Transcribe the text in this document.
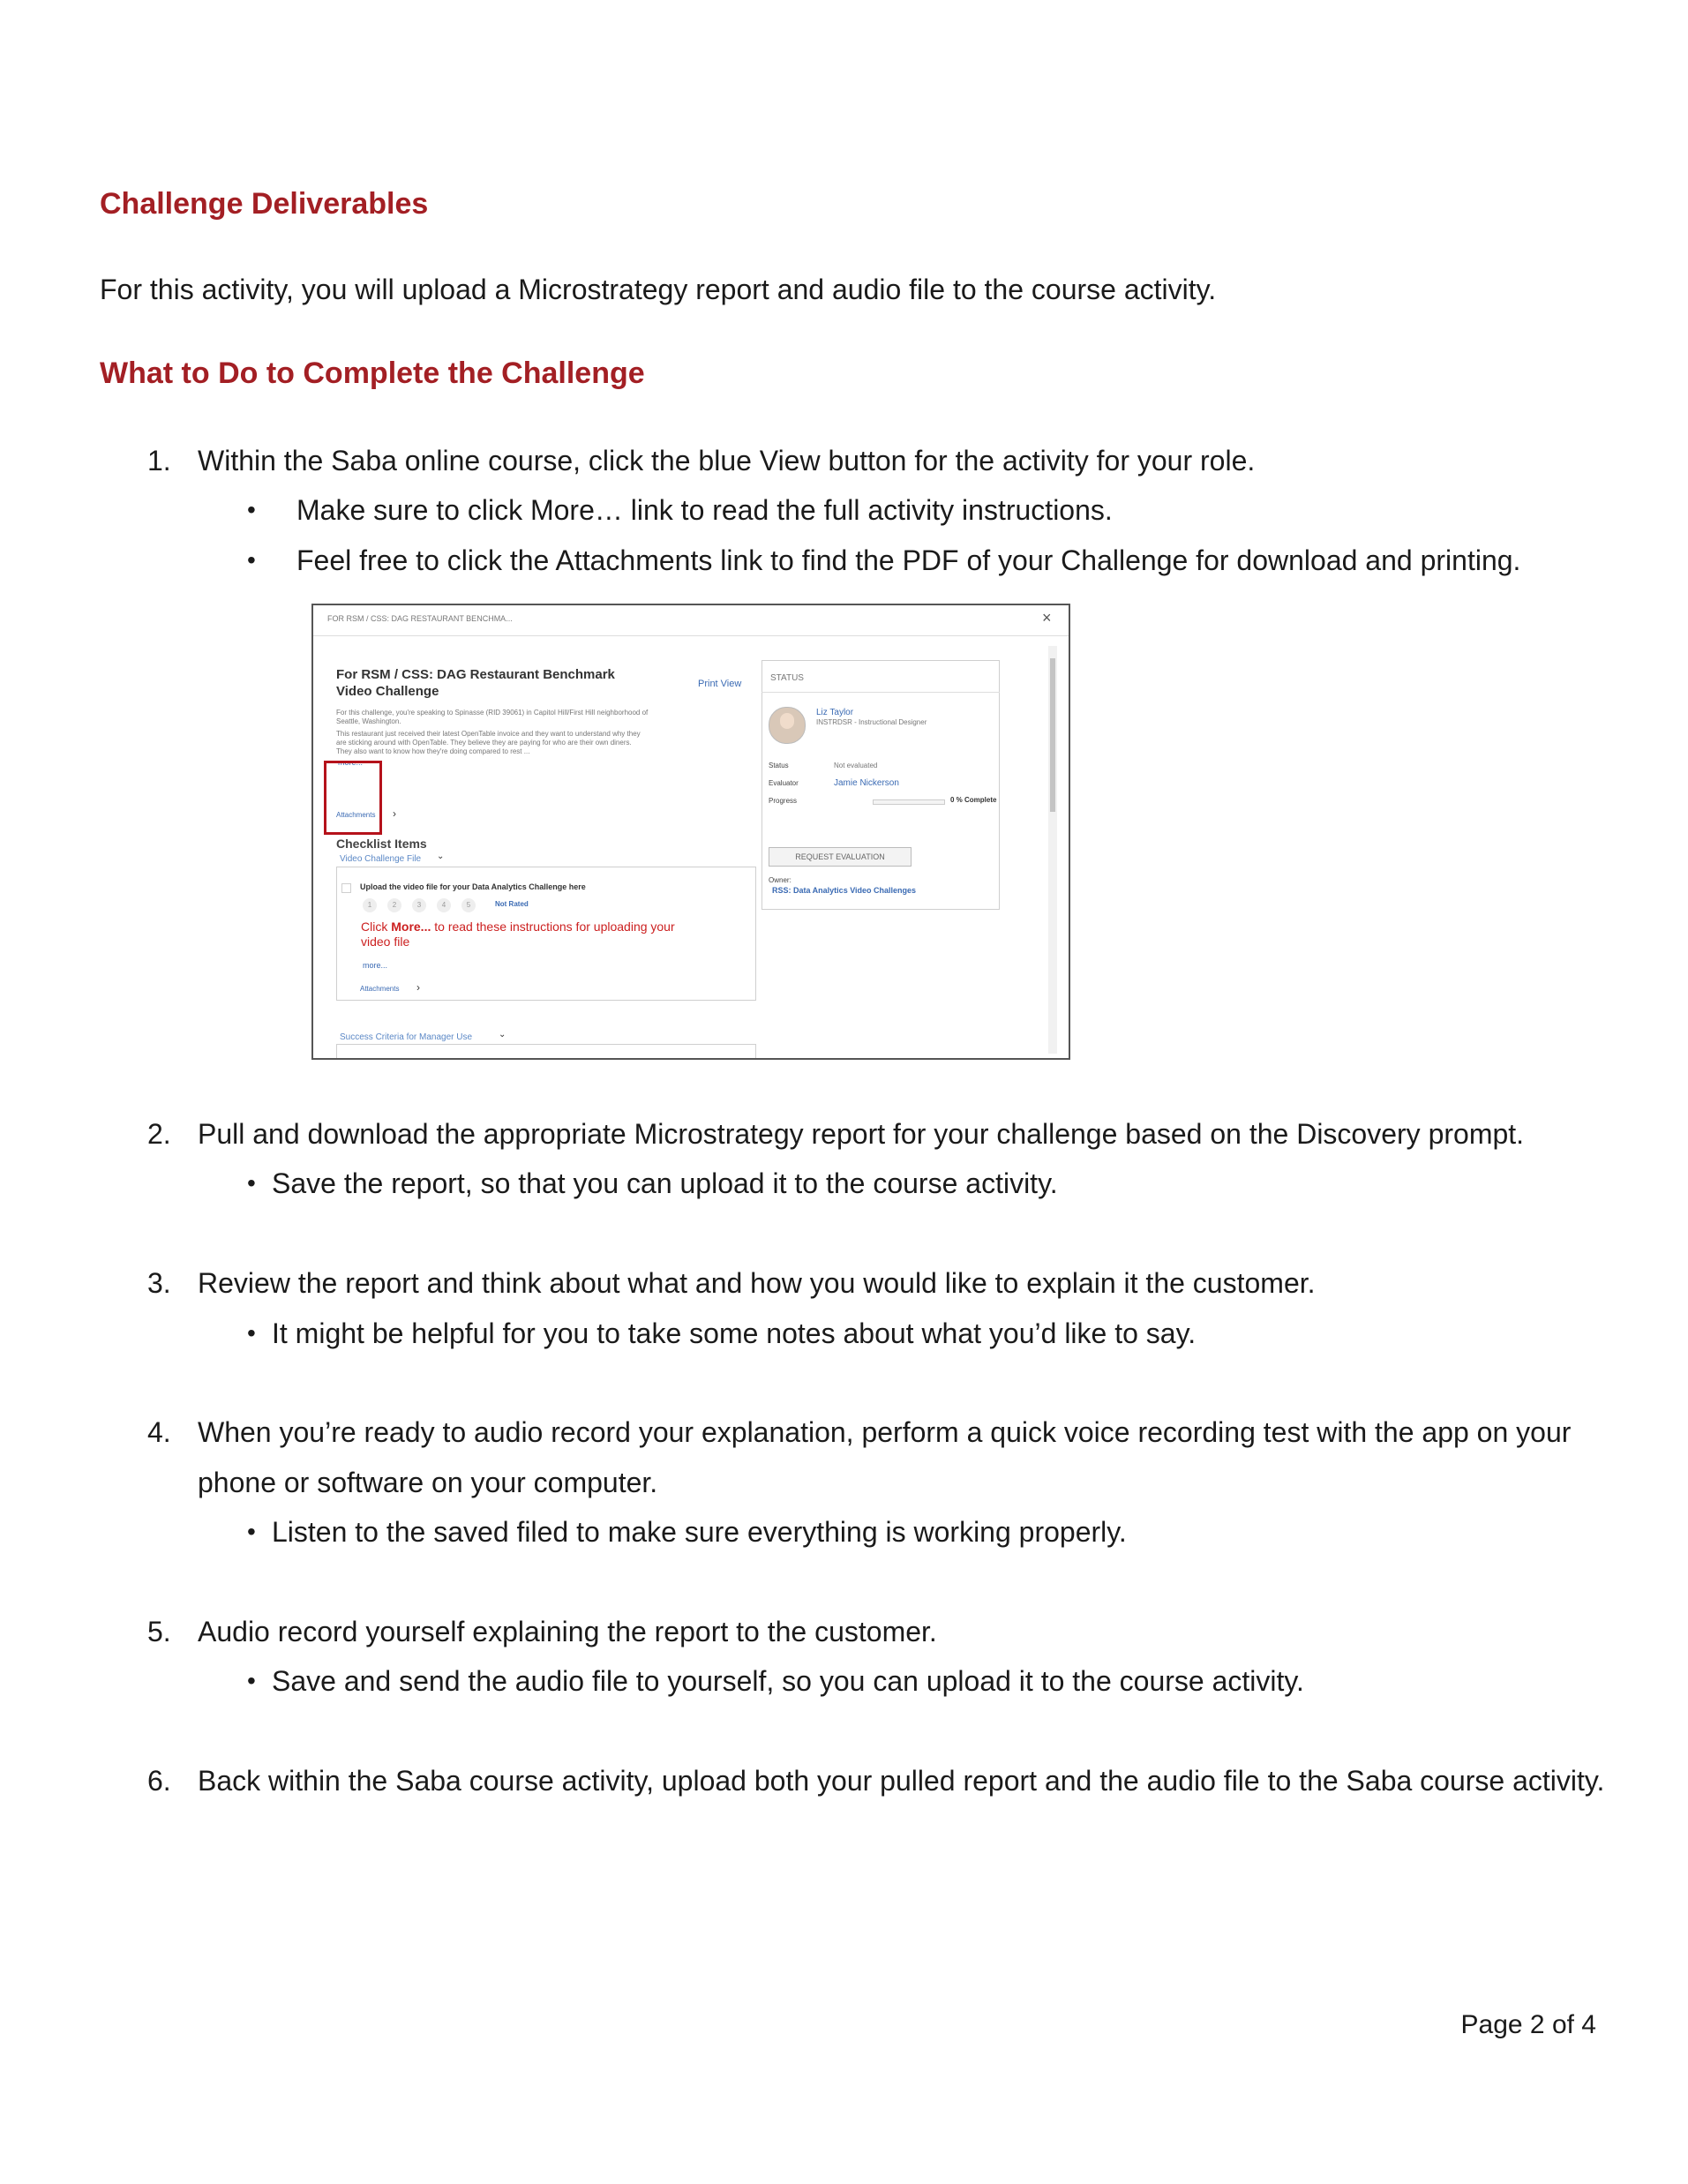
Challenge Deliverables
For this activity, you will upload a Microstrategy report and audio file to the course activity.
What to Do to Complete the Challenge
1. Within the Saba online course, click the blue View button for the activity for your role.
• Make sure to click More… link to read the full activity instructions.
• Feel free to click the Attachments link to find the PDF of your Challenge for download and printing.
FOR RSM / CSS: DAG RESTAURANT BENCHMA...	×
For RSM / CSS: DAG Restaurant Benchmark
Video Challenge	Print View
For this challenge, you're speaking to Spinasse (RID 39061) in Capitol Hill/First Hill neighborhood of
Seattle, Washington.
This restaurant just received their latest OpenTable invoice and they want to understand why they
are sticking around with OpenTable. They believe they are paying for who are their own diners.
They also want to know how they're doing compared to rest ...
more...
Attachments ›
Checklist Items
Video Challenge File ⌄
Upload the video file for your Data Analytics Challenge here
1	2	3	4	5	Not Rated
Click More... to read these instructions for uploading your
video file
more...
Attachments ›
Success Criteria for Manager Use	⌄
STATUS
Liz Taylor
INSTRDSR - Instructional Designer
Status	Not evaluated
Evaluator	Jamie Nickerson
Progress	0 % Complete
REQUEST EVALUATION
Owner:
RSS: Data Analytics Video Challenges
2. Pull and download the appropriate Microstrategy report for your challenge based on the Discovery prompt.
• Save the report, so that you can upload it to the course activity.
3. Review the report and think about what and how you would like to explain it the customer.
• It might be helpful for you to take some notes about what you’d like to say.
4. When you’re ready to audio record your explanation, perform a quick voice recording test with the app on your
phone or software on your computer.
• Listen to the saved filed to make sure everything is working properly.
5. Audio record yourself explaining the report to the customer.
• Save and send the audio file to yourself, so you can upload it to the course activity.
6. Back within the Saba course activity, upload both your pulled report and the audio file to the Saba course activity.
Page 2 of 4
